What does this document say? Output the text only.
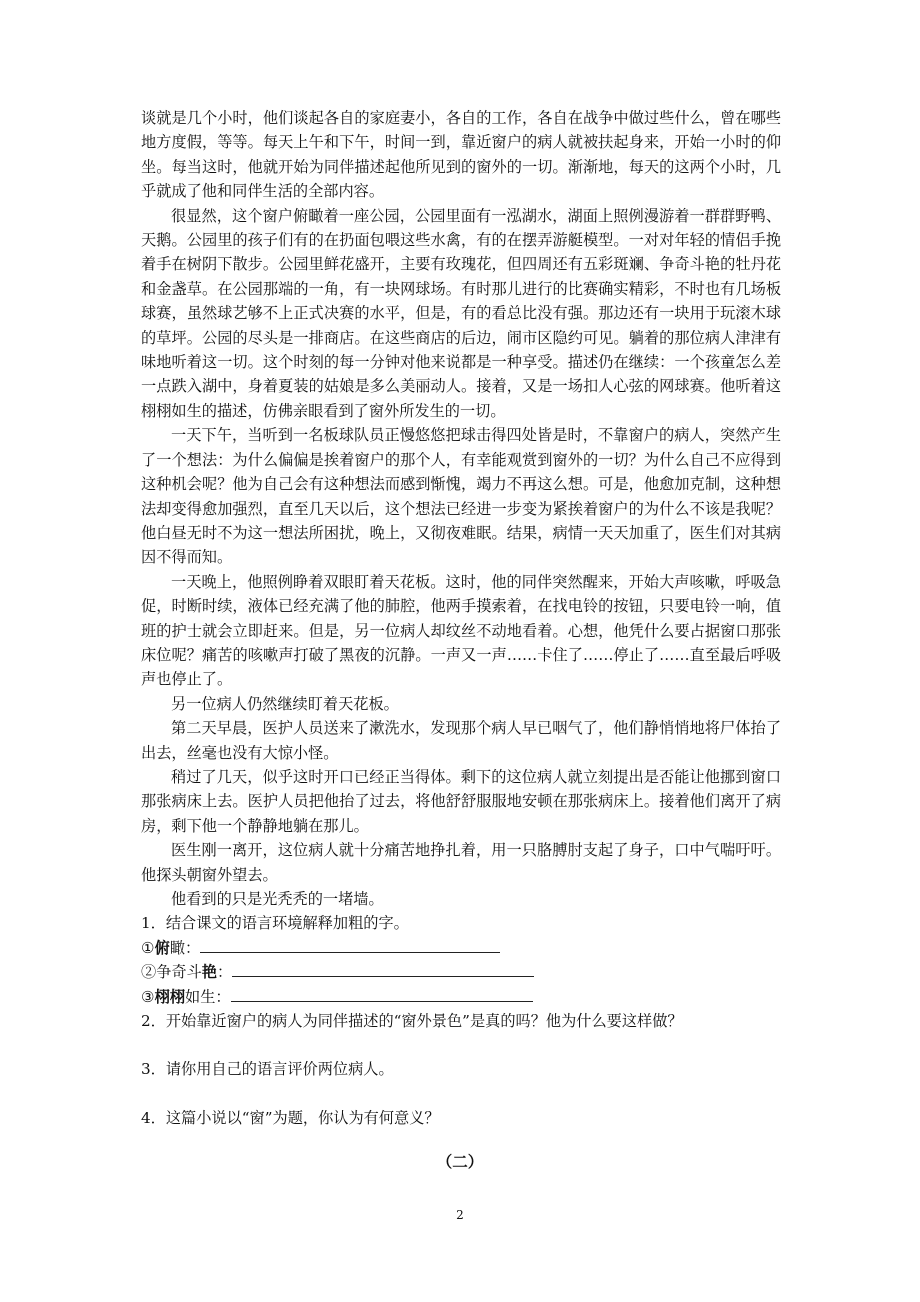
谈就是几个小时，他们谈起各自的家庭妻小，各自的工作，各自在战争中做过些什么，曾在哪些地方度假，等等。每天上午和下午，时间一到，靠近窗户的病人就被扶起身来，开始一小时的仰坐。每当这时，他就开始为同伴描述起他所见到的窗外的一切。渐渐地，每天的这两个小时，几乎就成了他和同伴生活的全部内容。

很显然，这个窗户俯瞰着一座公园，公园里面有一泓湖水，湖面上照例漫游着一群群野鸭、天鹅。公园里的孩子们有的在扔面包喂这些水禽，有的在摆弄游艇模型。一对对年轻的情侣手挽着手在树阴下散步。公园里鲜花盛开，主要有玫瑰花，但四周还有五彩斑斓、争奇斗艳的牡丹花和金盏草。在公园那端的一角，有一块网球场。有时那儿进行的比赛确实精彩，不时也有几场板球赛，虽然球艺够不上正式决赛的水平，但是，有的看总比没有强。那边还有一块用于玩滚木球的草坪。公园的尽头是一排商店。在这些商店的后边，闹市区隐约可见。躺着的那位病人津津有味地听着这一切。这个时刻的每一分钟对他来说都是一种享受。描述仍在继续：一个孩童怎么差一点跌入湖中，身着夏装的姑娘是多么美丽动人。接着，又是一场扣人心弦的网球赛。他听着这栩栩如生的描述，仿佛亲眼看到了窗外所发生的一切。

一天下午，当听到一名板球队员正慢悠悠把球击得四处皆是时，不靠窗户的病人，突然产生了一个想法：为什么偏偏是挨着窗户的那个人，有幸能观赏到窗外的一切？为什么自己不应得到这种机会呢？他为自己会有这种想法而感到惭愧，竭力不再这么想。可是，他愈加克制，这种想法却变得愈加强烈，直至几天以后，这个想法已经进一步变为紧挨着窗户的为什么不该是我呢？他白昼无时不为这一想法所困扰，晚上，又彻夜难眠。结果，病情一天天加重了，医生们对其病因不得而知。

一天晚上，他照例睁着双眼盯着天花板。这时，他的同伴突然醒来，开始大声咳嗽，呼吸急促，时断时续，液体已经充满了他的肺腔，他两手摸索着，在找电铃的按钮，只要电铃一响，值班的护士就会立即赶来。但是，另一位病人却纹丝不动地看着。心想，他凭什么要占据窗口那张床位呢？痛苦的咳嗽声打破了黑夜的沉静。一声又一声……卡住了……停止了……直至最后呼吸声也停止了。

另一位病人仍然继续盯着天花板。

第二天早晨，医护人员送来了漱洗水，发现那个病人早已咽气了，他们静悄悄地将尸体抬了出去，丝毫也没有大惊小怪。

稍过了几天，似乎这时开口已经正当得体。剩下的这位病人就立刻提出是否能让他挪到窗口那张病床上去。医护人员把他抬了过去，将他舒舒服服地安顿在那张病床上。接着他们离开了病房，剩下他一个静静地躺在那儿。

医生刚一离开，这位病人就十分痛苦地挣扎着，用一只胳膊肘支起了身子，口中气喘吁吁。他探头朝窗外望去。

他看到的只是光秃秃的一堵墙。

1．结合课文的语言环境解释加粗的字。

①俯瞰：

②争奇斗艳：

③栩栩如生：

2．开始靠近窗户的病人为同伴描述的“窗外景色”是真的吗？他为什么要这样做？

3．请你用自己的语言评价两位病人。

4．这篇小说以“窗”为题，你认为有何意义？

（二）
2
